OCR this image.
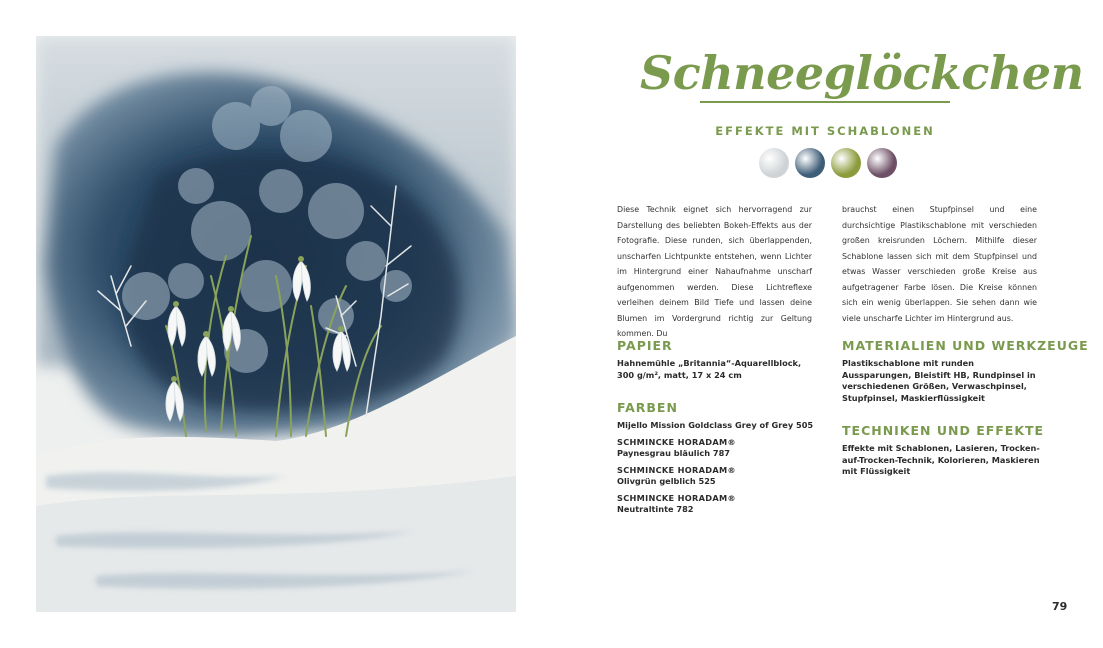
Schneeglöckchen
EFFEKTE MIT SCHABLONEN
Diese Technik eignet sich hervorragend zur Darstellung des beliebten Bokeh-Effekts aus der Fotografie. Diese runden, sich überlappenden, unscharfen Lichtpunkte entstehen, wenn Lichter im Hintergrund einer Nahaufnahme unscharf aufgenommen werden. Diese Lichtreflexe verleihen deinem Bild Tiefe und lassen deine Blumen im Vordergrund richtig zur Geltung kommen. Du
brauchst einen Stupfpinsel und eine durchsichtige Plastikschablone mit verschieden großen kreisrunden Löchern. Mithilfe dieser Schablone lassen sich mit dem Stupfpinsel und etwas Wasser verschieden große Kreise aus aufgetragener Farbe lösen. Die Kreise können sich ein wenig überlappen. Sie sehen dann wie viele unscharfe Lichter im Hintergrund aus.
PAPIER
Hahnemühle „Britannia“-Aquarellblock,
300 g/m², matt, 17 x 24 cm
FARBEN
Mijello Mission Goldclass Grey of Grey 505
SCHMINCKE HORADAM®
Paynesgrau bläulich 787
SCHMINCKE HORADAM®
Olivgrün gelblich 525
SCHMINCKE HORADAM®
Neutraltinte 782
MATERIALIEN UND WERKZEUGE
Plastikschablone mit runden Aussparungen, Bleistift HB, Rundpinsel in verschiedenen Größen, Verwaschpinsel, Stupfpinsel, Maskierflüssigkeit
TECHNIKEN UND EFFEKTE
Effekte mit Schablonen, Lasieren, Trocken-auf-Trocken-Technik, Kolorieren, Maskieren mit Flüssigkeit
79
